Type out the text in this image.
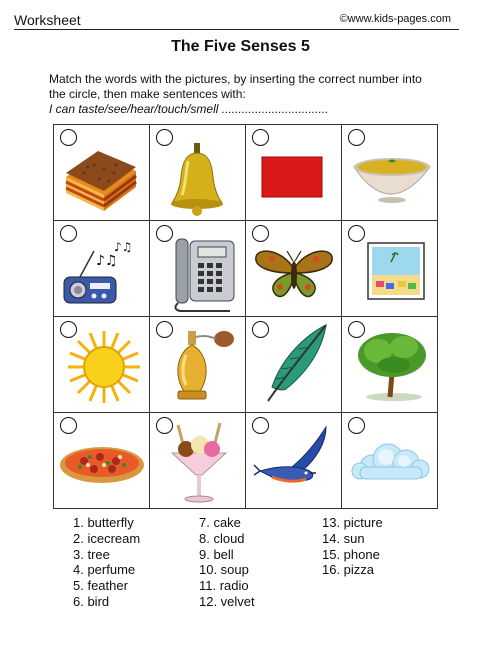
Worksheet	©www.kids-pages.com
The Five Senses 5
Match the words with the pictures, by inserting the correct number into
the circle, then make sentences with:
I can taste/see/hear/touch/smell ................................
♪♫
♪♫
1. butterfly
2. icecream
3. tree
4. perfume
5. feather
6. bird
7. cake
8. cloud
9. bell
10. soup
11. radio
12. velvet
13. picture
14. sun
15. phone
16. pizza
